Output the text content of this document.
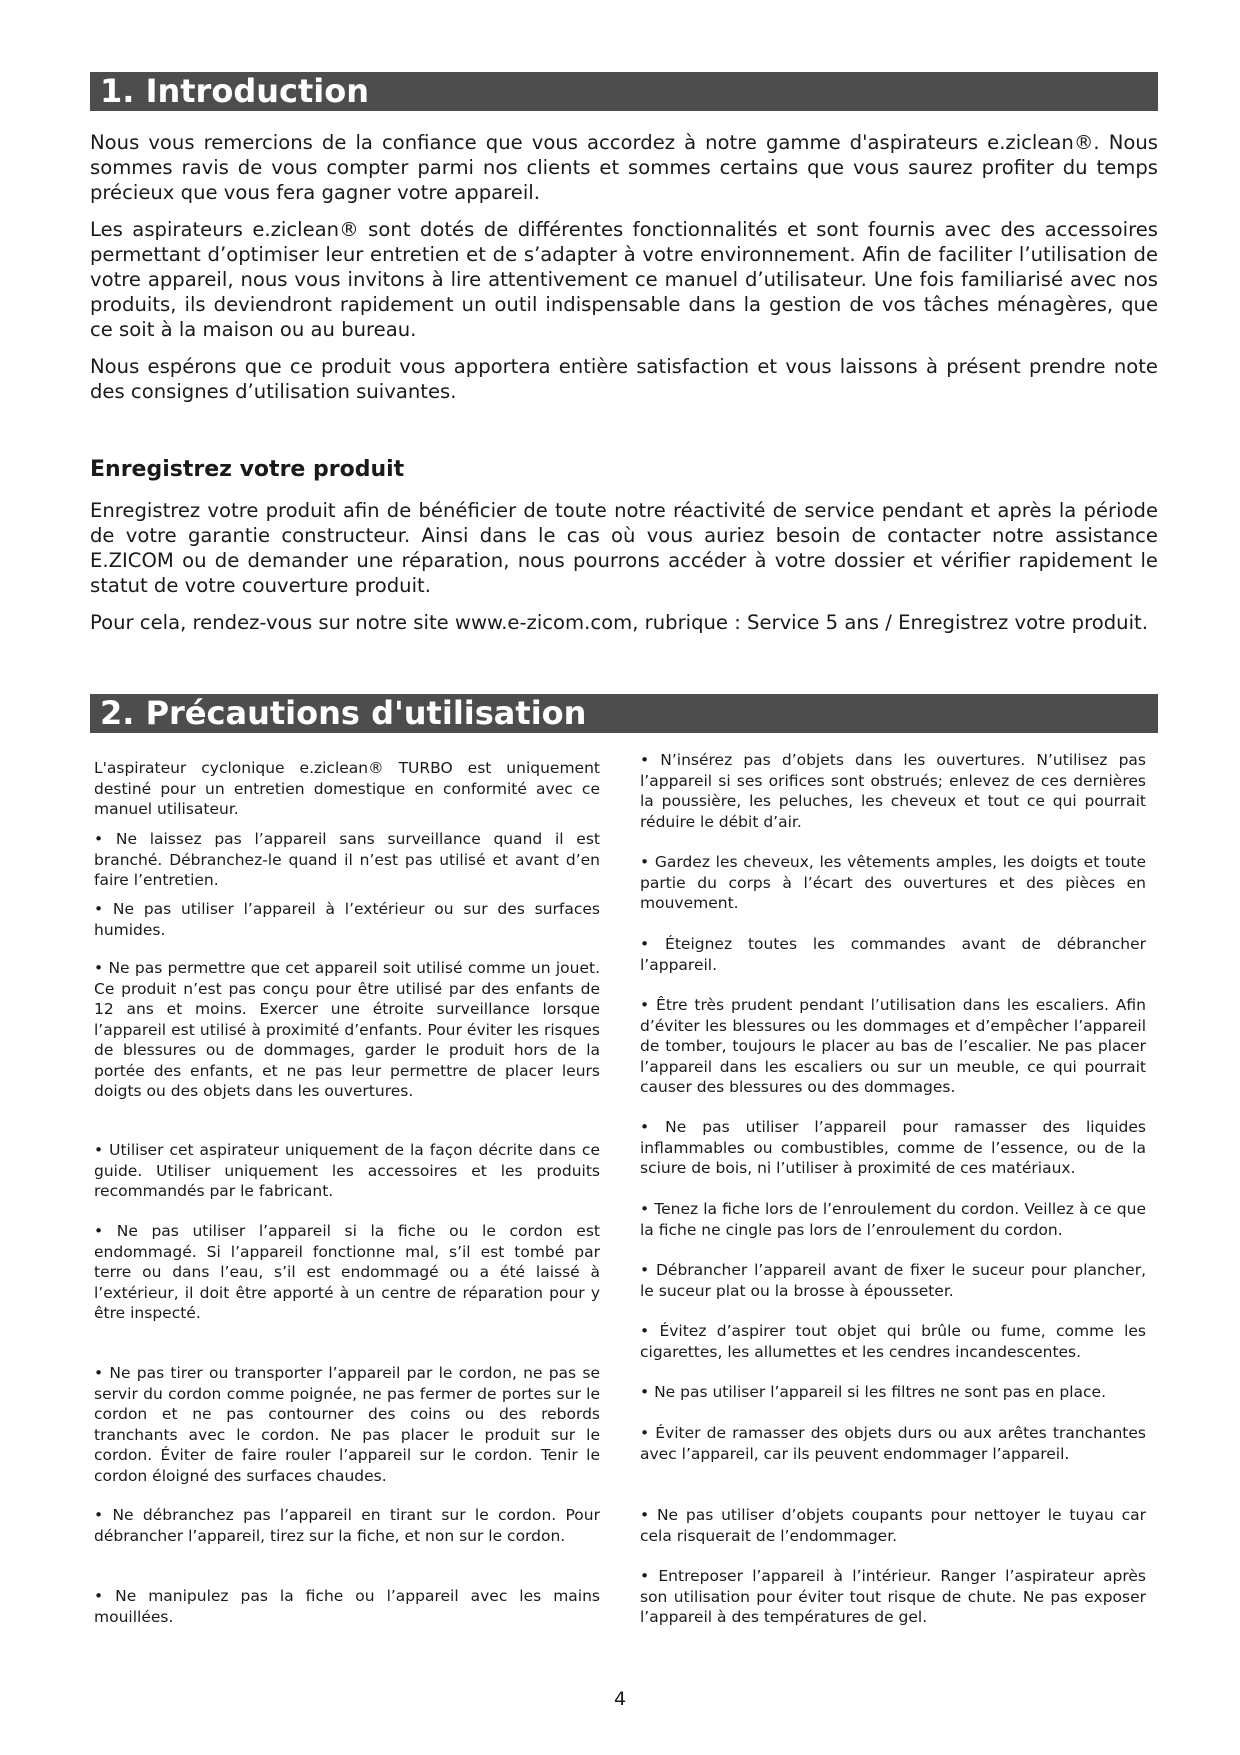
1. Introduction

Nous vous remercions de la confiance que vous accordez à notre gamme d'aspirateurs e.ziclean®. Nous sommes ravis de vous compter parmi nos clients et sommes certains que vous saurez profiter du temps précieux que vous fera gagner votre appareil.

Les aspirateurs e.ziclean® sont dotés de différentes fonctionnalités et sont fournis avec des accessoires permettant d’optimiser leur entretien et de s’adapter à votre environnement. Afin de faciliter l’utilisation de votre appareil, nous vous invitons à lire attentivement ce manuel d’utilisateur. Une fois familiarisé avec nos produits, ils deviendront rapidement un outil indispensable dans la gestion de vos tâches ménagères, que ce soit à la maison ou au bureau.

Nous espérons que ce produit vous apportera entière satisfaction et vous laissons à présent prendre note des consignes d’utilisation suivantes.

Enregistrez votre produit

Enregistrez votre produit afin de bénéficier de toute notre réactivité de service pendant et après la période de votre garantie constructeur. Ainsi dans le cas où vous auriez besoin de contacter notre assistance E.ZICOM ou de demander une réparation, nous pourrons accéder à votre dossier et vérifier rapidement le statut de votre couverture produit.

Pour cela, rendez-vous sur notre site www.e-zicom.com, rubrique : Service 5 ans / Enregistrez votre produit.

2. Précautions d'utilisation

L'aspirateur cyclonique e.ziclean® TURBO est uniquement destiné pour un entretien domestique en conformité avec ce manuel utilisateur.

• Ne laissez pas l’appareil sans surveillance quand il est branché. Débranchez-le quand il n’est pas utilisé et avant d’en faire l’entretien.

• Ne pas utiliser l’appareil à l’extérieur ou sur des surfaces humides.

• Ne pas permettre que cet appareil soit utilisé comme un jouet. Ce produit n’est pas conçu pour être utilisé par des enfants de 12 ans et moins. Exercer une étroite surveillance lorsque l’appareil est utilisé à proximité d’enfants. Pour éviter les risques de blessures ou de dommages, garder le produit hors de la portée des enfants, et ne pas leur permettre de placer leurs doigts ou des objets dans les ouvertures.

• Utiliser cet aspirateur uniquement de la façon décrite dans ce guide. Utiliser uniquement les accessoires et les produits recommandés par le fabricant.

• Ne pas utiliser l’appareil si la fiche ou le cordon est endommagé. Si l’appareil fonctionne mal, s’il est tombé par terre ou dans l’eau, s’il est endommagé ou a été laissé à l’extérieur, il doit être apporté à un centre de réparation pour y être inspecté.

• Ne pas tirer ou transporter l’appareil par le cordon, ne pas se servir du cordon comme poignée, ne pas fermer de portes sur le cordon et ne pas contourner des coins ou des rebords tranchants avec le cordon. Ne pas placer le produit sur le cordon. Éviter de faire rouler l’appareil sur le cordon. Tenir le cordon éloigné des surfaces chaudes.

• Ne débranchez pas l’appareil en tirant sur le cordon. Pour débrancher l’appareil, tirez sur la fiche, et non sur le cordon.

• Ne manipulez pas la fiche ou l’appareil avec les mains mouillées.

• N’insérez pas d’objets dans les ouvertures. N’utilisez pas l’appareil si ses orifices sont obstrués; enlevez de ces dernières la poussière, les peluches, les cheveux et tout ce qui pourrait réduire le débit d’air.

• Gardez les cheveux, les vêtements amples, les doigts et toute partie du corps à l’écart des ouvertures et des pièces en mouvement.

• Éteignez toutes les commandes avant de débrancher l’appareil.

• Être très prudent pendant l’utilisation dans les escaliers. Afin d’éviter les blessures ou les dommages et d’empêcher l’appareil de tomber, toujours le placer au bas de l’escalier. Ne pas placer l’appareil dans les escaliers ou sur un meuble, ce qui pourrait causer des blessures ou des dommages.

• Ne pas utiliser l’appareil pour ramasser des liquides inflammables ou combustibles, comme de l’essence, ou de la sciure de bois, ni l’utiliser à proximité de ces matériaux.

• Tenez la fiche lors de l’enroulement du cordon. Veillez à ce que la fiche ne cingle pas lors de l’enroulement du cordon.

• Débrancher l’appareil avant de fixer le suceur pour plancher, le suceur plat ou la brosse à épousseter.

• Évitez d’aspirer tout objet qui brûle ou fume, comme les cigarettes, les allumettes et les cendres incandescentes.

• Ne pas utiliser l’appareil si les filtres ne sont pas en place.

• Éviter de ramasser des objets durs ou aux arêtes tranchantes avec l’appareil, car ils peuvent endommager l’appareil.

• Ne pas utiliser d’objets coupants pour nettoyer le tuyau car cela risquerait de l’endommager.

• Entreposer l’appareil à l’intérieur. Ranger l’aspirateur après son utilisation pour éviter tout risque de chute. Ne pas exposer l’appareil à des températures de gel.

4
